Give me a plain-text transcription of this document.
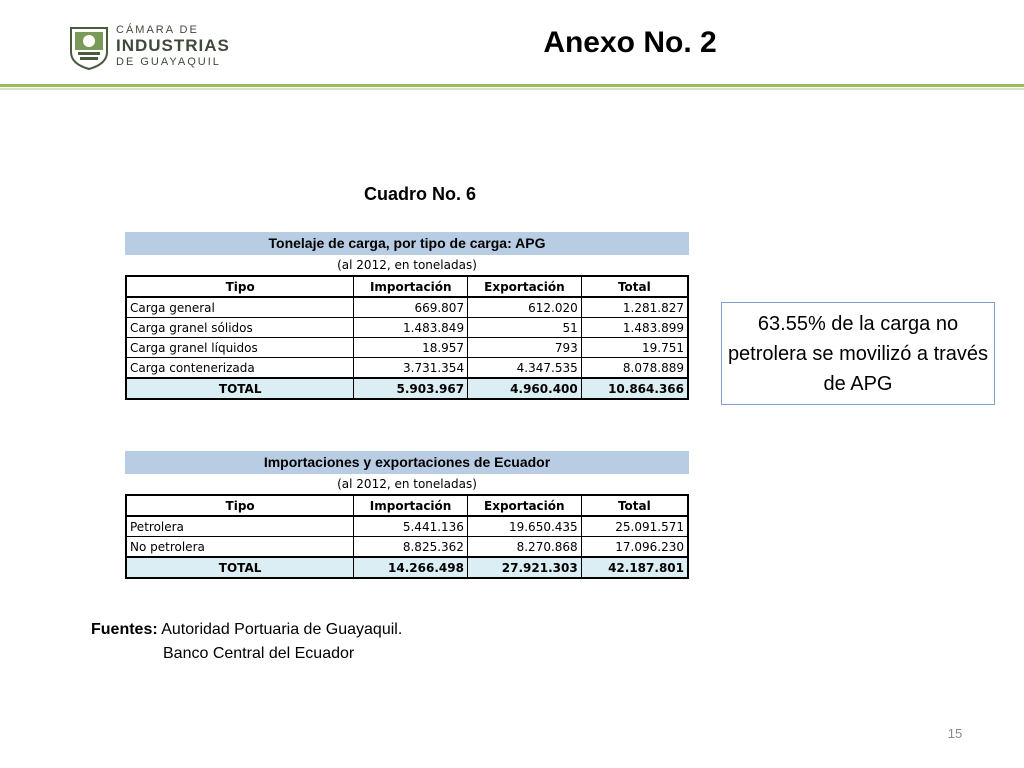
CÁMARA DE
INDUSTRIAS
DE GUAYAQUIL
Anexo No. 2
Cuadro No. 6
Tonelaje de carga, por tipo de carga: APG
(al 2012, en toneladas)
Tipo	Importación	Exportación	Total
Carga general	669.807	612.020	1.281.827
Carga granel sólidos	1.483.849	51	1.483.899
Carga granel líquidos	18.957	793	19.751
Carga contenerizada	3.731.354	4.347.535	8.078.889
TOTAL	5.903.967	4.960.400	10.864.366
Importaciones y exportaciones de Ecuador
(al 2012, en toneladas)
Tipo	Importación	Exportación	Total
Petrolera	5.441.136	19.650.435	25.091.571
No petrolera	8.825.362	8.270.868	17.096.230
TOTAL	14.266.498	27.921.303	42.187.801
63.55% de la carga no petrolera se movilizó a través de APG
Fuentes: Autoridad Portuaria de Guayaquil.
Banco Central del Ecuador
15
